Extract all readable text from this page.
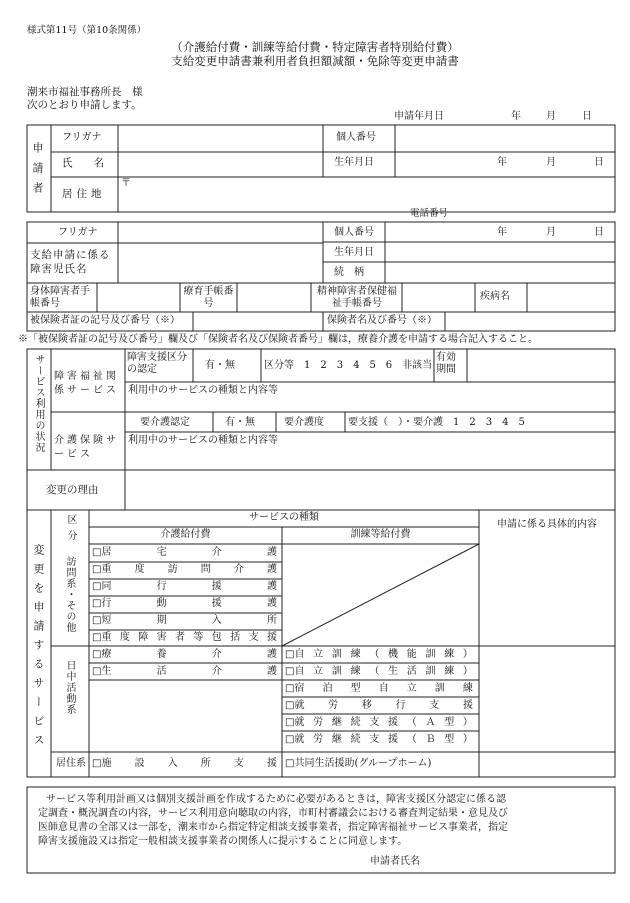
様式第11号（第10条関係）
（介護給付費・訓練等給付費・特定障害者特別給付費）
支給変更申請書兼利用者負担額減額・免除等変更申請書
潮来市福祉事務所長　様
次のとおり申請します。
申請年月日	年	月	日
申請者
フリガナ
氏　　名
居住地
〒
個人番号
生年月日	年	月	日
電話番号
フリガナ
支給申請に係る障害児氏名
個人番号	年	月	日
生年月日
続　柄
身体障害者手帳番号
療育手帳番号
精神障害者保健福祉手帳番号
疾病名
被保険者証の記号及び番号（※）	保険者名及び番号（※）
※「被保険者証の記号及び番号」欄及び「保険者名及び保険者番号」欄は，療養介護を申請する場合記入すること。
サービス利用の状況 障害福祉関係サービス
障害支援区分の認定	有・無	区分等　1　2　3　4　5　6　非該当
有効期間
利用中のサービスの種類と内容等
介護保険サービス
要介護認定	有・無	要介護度 要支援（　）・要介護　1　2　3　4　5
利用中のサービスの種類と内容等
変更の理由
変更を申請するサービス
区分	サービスの種類
介護給付費	訓練等給付費
申請に係る具体的内容
訪問系・その他
日中活動系
居住系
□
居	宅	介	護
□
重 度 訪 問 介 護
□
同	行	援	護
□
行	動	援	護
□
短	期	入	所
□
重 度 障 害 者 等 包 括 支 援
□
療	養	介	護
□
生	活	介	護
□
自 立 訓 練 （ 機 能 訓 練 ）
□
自 立 訓 練 （ 生 活 訓 練 ）
□
宿 泊 型 自 立 訓 練
□
就 労 移 行 支 援
□
就 労 継 続 支 援 （ Ａ 型 ）
□
就 労 継 続 支 援 （ Ｂ 型 ）
□
施 設 入 所 支 援
□ 共同生活援助(グループホーム)
サービス等利用計画又は個別支援計画を作成するために必要があるときは，障害支援区分認定に係る認
定調査・概況調査の内容，サービス利用意向聴取の内容，市町村審議会における審査判定結果・意見及び
医師意見書の全部又は一部を，潮来市から指定特定相談支援事業者，指定障害福祉サービス事業者，指定
障害支援施設又は指定一般相談支援事業者の関係人に提示することに同意します。
申請者氏名
